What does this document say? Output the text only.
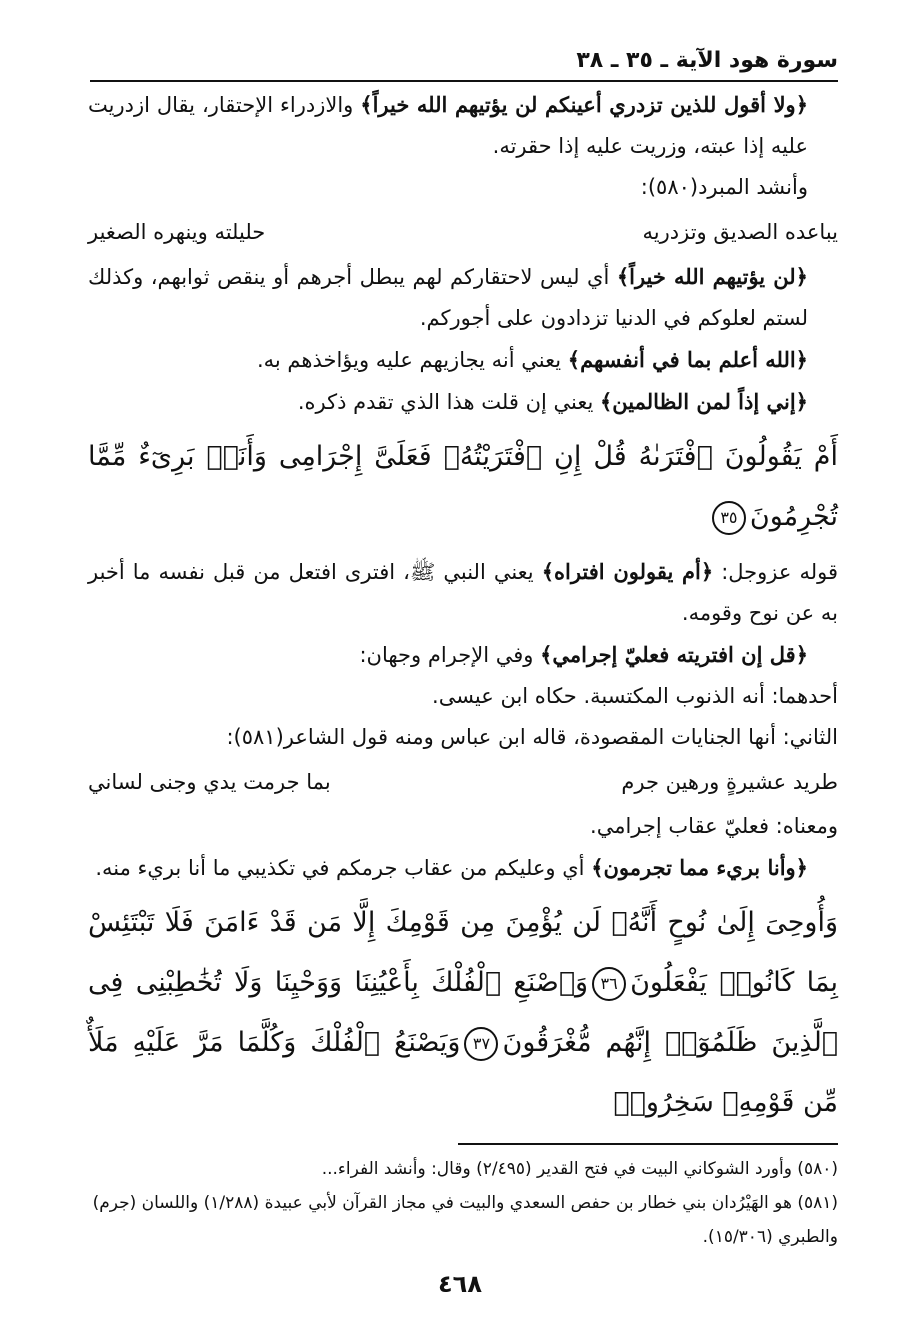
سورة هود الآية ـ ٣٥ ـ ٣٨

﴿ولا أقول للذين تزدري أعينكم لن يؤتيهم الله خيراً﴾ والازدراء الإحتقار، يقال ازدريت عليه إذا عبته، وزريت عليه إذا حقرته.

وأنشد المبرد(٥٨٠):

يباعده الصديق وتزدريه
حليلته وينهره الصغير

﴿لن يؤتيهم الله خيراً﴾ أي ليس لاحتقاركم لهم يبطل أجرهم أو ينقص ثوابهم، وكذلك لستم لعلوكم في الدنيا تزدادون على أجوركم.

﴿الله أعلم بما في أنفسهم﴾ يعني أنه يجازيهم عليه ويؤاخذهم به.

﴿إني إذاً لمن الظالمين﴾ يعني إن قلت هذا الذي تقدم ذكره.

أَمْ يَقُولُونَ ٱفْتَرَىٰهُ قُلْ إِنِ ٱفْتَرَيْتُهُۥ فَعَلَىَّ إِجْرَامِى وَأَنَا۠ بَرِىٓءٌ مِّمَّا تُجْرِمُونَ٣٥

قوله عزوجل: ﴿أم يقولون افتراه﴾ يعني النبي ﷺ، افترى افتعل من قبل نفسه ما أخبر به عن نوح وقومه.

﴿قل إن افتريته فعليّ إجرامي﴾ وفي الإجرام وجهان:

أحدهما: أنه الذنوب المكتسبة. حكاه ابن عيسى.

الثاني: أنها الجنايات المقصودة، قاله ابن عباس ومنه قول الشاعر(٥٨١):

طريد عشيرةٍ ورهين جرم
بما جرمت يدي وجنى لساني

ومعناه: فعليّ عقاب إجرامي.

﴿وأنا بريء مما تجرمون﴾ أي وعليكم من عقاب جرمكم في تكذيبي ما أنا بريء منه.

وَأُوحِىَ إِلَىٰ نُوحٍ أَنَّهُۥ لَن يُؤْمِنَ مِن قَوْمِكَ إِلَّا مَن قَدْ ءَامَنَ فَلَا تَبْتَئِسْ بِمَا كَانُوا۟ يَفْعَلُونَ٣٦وَٱصْنَعِ ٱلْفُلْكَ بِأَعْيُنِنَا وَوَحْيِنَا وَلَا تُخَٰطِبْنِى فِى ٱلَّذِينَ ظَلَمُوٓا۟ إِنَّهُم مُّغْرَقُونَ٣٧وَيَصْنَعُ ٱلْفُلْكَ وَكُلَّمَا مَرَّ عَلَيْهِ مَلَأٌ مِّن قَوْمِهِۦ سَخِرُوا۟

(٥٨٠) وأورد الشوكاني البيت في فتح القدير (٢/٤٩٥) وقال: وأنشد الفراء...

(٥٨١) هو الهَيْرُدان بني خطار بن حفص السعدي والبيت في مجاز القرآن لأبي عبيدة (١/٢٨٨) واللسان (جرم) والطبري (١٥/٣٠٦).

٤٦٨
